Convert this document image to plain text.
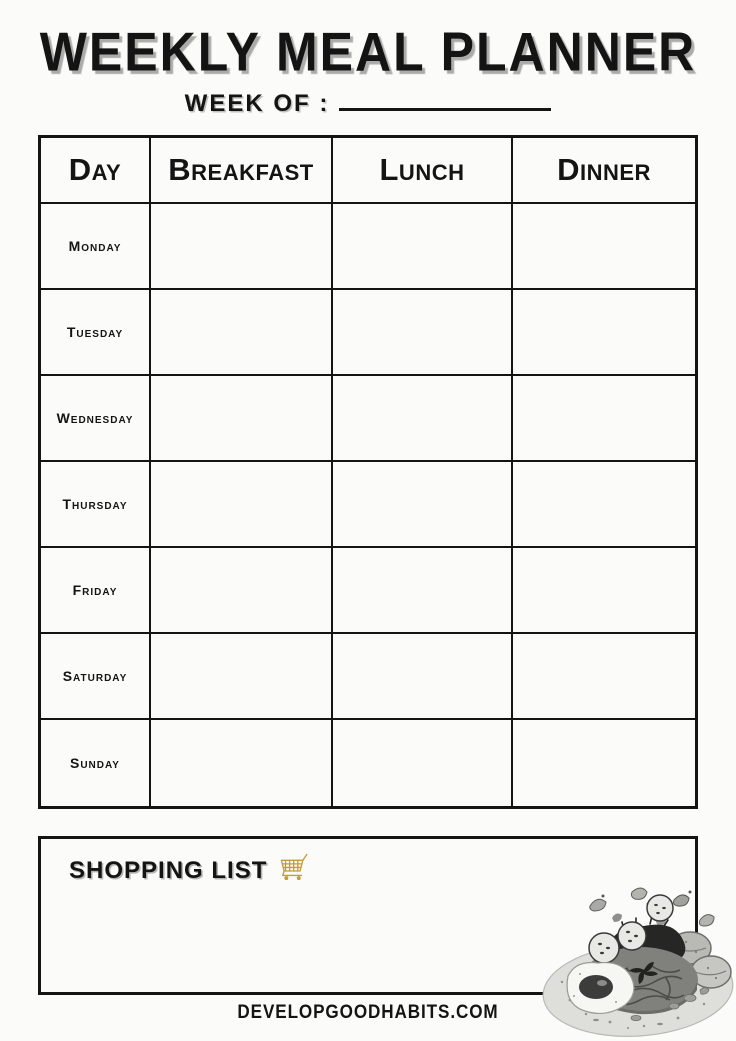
WEEKLY MEAL PLANNER
WEEK OF :
Day	Breakfast	Lunch	Dinner
Monday
Tuesday
Wednesday
Thursday
Friday
Saturday
Sunday
SHOPPING LIST
DEVELOPGOODHABITS.COM
